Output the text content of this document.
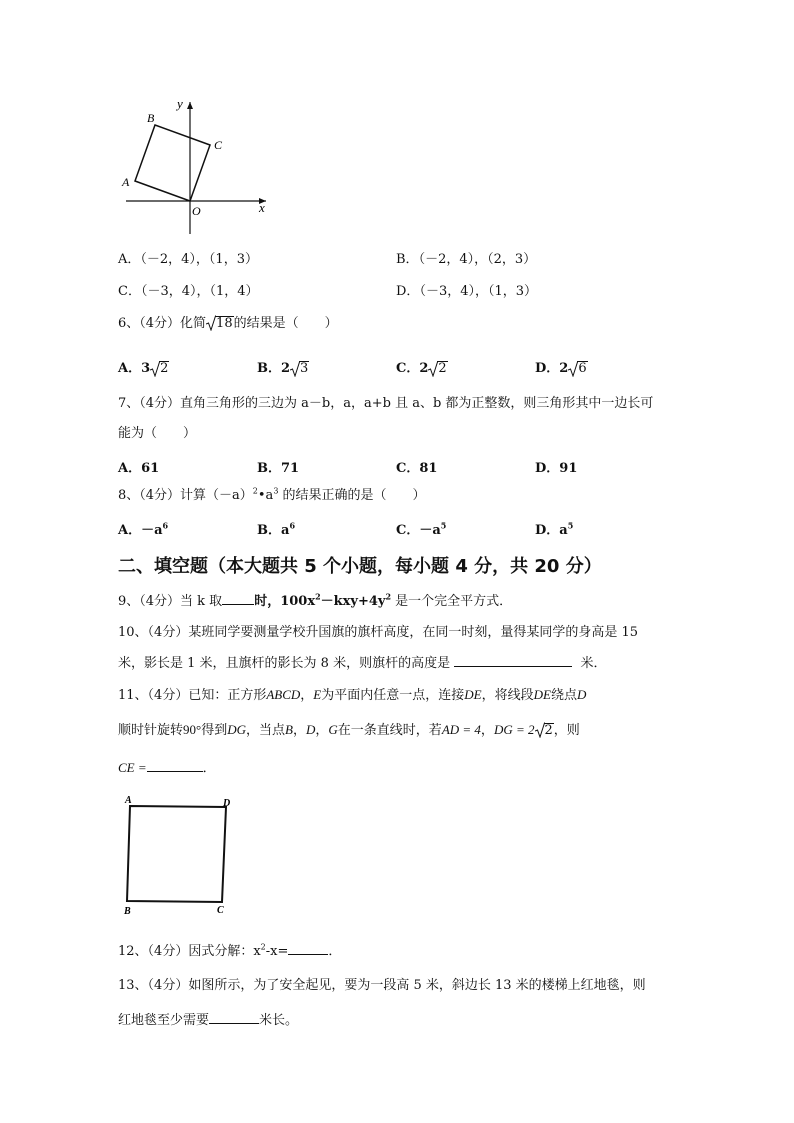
y
x
O
A
B
C
A．（－2，4），（1，3）	B．（－2，4），（2，3）
C．（－3，4），（1，4）	D．（－3，4），（1，3）
6、（4分）化简 18的结果是（　　）
A．3 2	B．2 3	C．2 2	D．2 6
7、（4分）直角三角形的三边为 a－b，a，a+b 且 a、b 都为正整数，则三角形其中一边长可
能为（　　）
A．61	B．71	C．81	D．91
8、（4分）计算$(-a)^2•a^3$ 的结果正确的是（　　）
A．$-a^6$	B．$a^6$	C．$-a^5$	D．$a^5$
二、填空题（本大题共 5 个小题，每小题 4 分，共 20 分）
9、（4分）当 k 取 时，$100x^2-kxy+4y^2$ 是一个完全平方式．
10、（4分）某班同学要测量学校升国旗的旗杆高度，在同一时刻，量得某同学的身高是 15
米，影长是 1 米，且旗杆的影长为 8 米，则旗杆的高度是	米．
11、（4分）已知：正方形ABCD，E为平面内任意一点，连接DE，将线段DE绕点D
顺时针旋转90°得到DG，当点B，D，G在一条直线时，若AD = 4，DG = 2 2，则
CE =	．
A	D
B	C
12、（4分）因式分解：$x^2-x=$	．
13、（4分）如图所示，为了安全起见，要为一段高 5 米，斜边长 13 米的楼梯上红地毯，则
红地毯至少需要	米长。
